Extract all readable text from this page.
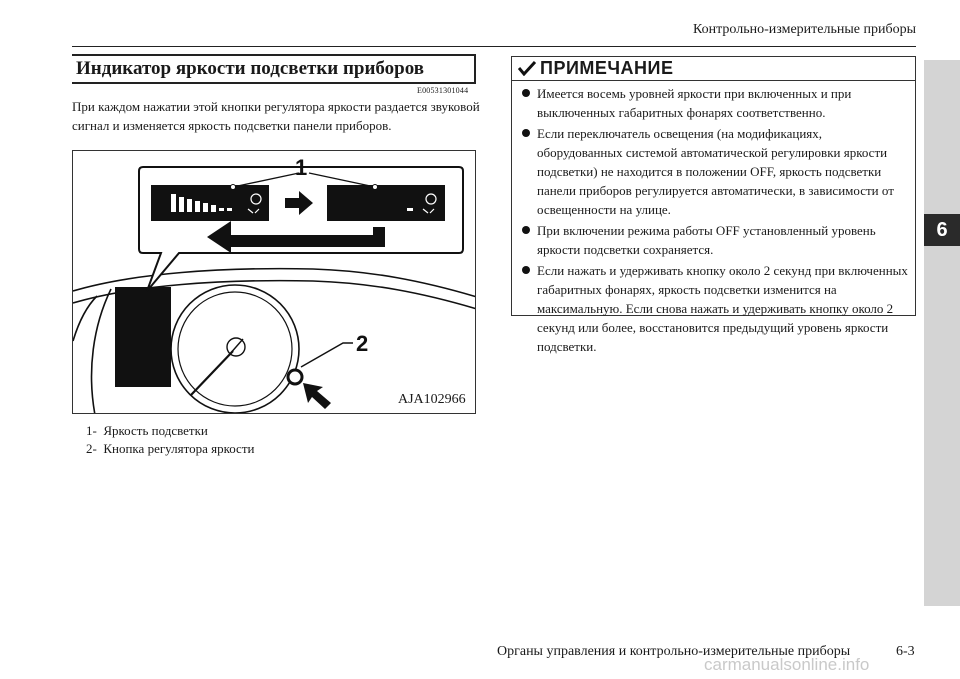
Контрольно-измерительные приборы
6
Индикатор яркости подсветки приборов
E00531301044
При каждом нажатии этой кнопки регулятора яркости раздается звуковой сигнал и изменяется яркость подсветки панели приборов.
2
1
AJA102966
1- Яркость подсветки
2- Кнопка регулятора яркости
ПРИМЕЧАНИЕ
Имеется восемь уровней яркости при включенных и при выключенных габаритных фонарях соответственно.
Если переключатель освещения (на модификациях, оборудованных системой автоматической регулировки яркости подсветки) не находится в положении OFF, яркость подсветки панели приборов регулируется автоматически, в зависимости от освещенности на улице.
При включении режима работы OFF установленный уровень яркости подсветки сохраняется.
Если нажать и удерживать кнопку около 2 секунд при включенных габаритных фонарях, яркость подсветки изменится на максимальную. Если снова нажать и удерживать кнопку около 2 секунд или более, восстановится предыдущий уровень яркости подсветки.
Органы управления и контрольно-измерительные приборы	6-3
carmanualsonline.info
